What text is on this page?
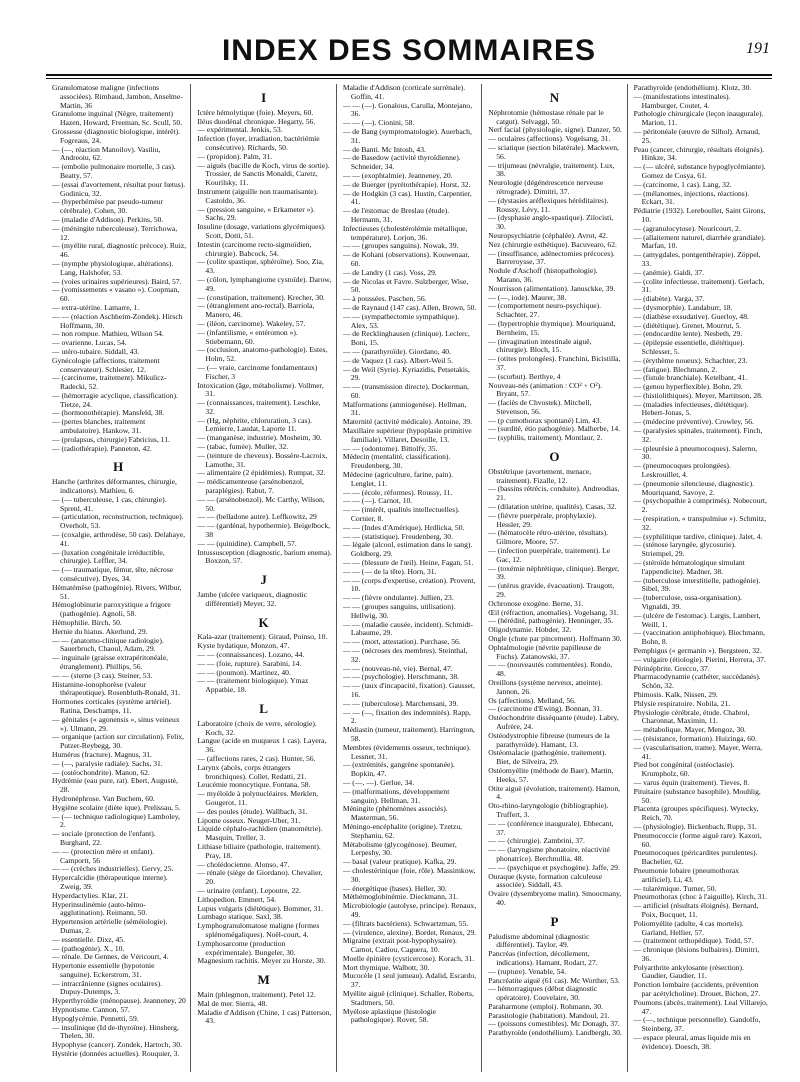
INDEX DES SOMMAIRES	191

Granulomatose maligne (infections associées). Rimbaud, Jambon, Anselme-Martin, 36

Granulome inguinal (Nègre, traitement) Hazen, Howard, Freeman, Sc. Scull, 50.

Grossesse (diagnostic biologique, intérêt). Fogreaus, 24.

— (—, réaction Manoilov). Vasiliu, Andreoiu, 62.

— (embolie pulmonaire mortelle, 3 cas). Beatty, 57.

— (essai d'avortement, résultat pour fœtus). Godinicu, 32.

— (hyperhémèse par pseudo-tumeur cérébrale). Cohen, 30.

— (maladie d'Addison). Perkins, 50.

— (méningite tuberculeuse). Terrichowa, 12.

— (myélite rural, diagnostic précoce). Ruiz, 46.

— (nymphe physiologique, altérations). Lang, Halshofer, 53.

— (voies urinaires supérieures). Baird, 57.

— (vomissements « vasano »). Coopman, 60.

— extra-utérine. Lamarre, 1.

— — (réaction Aschheim-Zondek). Hirsch Hoffmann, 30.

— non rompue. Mathieu, Wilson 54.

— ovarienne. Lucas, 54.

— utéro-tubaire. Siddall, 43.

Gynécologie (affections, traitement conservateur). Schlesier, 12.

— (carcinome, traitement). Mikulicz-Radecki, 52.

— (hémorragie acyclique, classification). Tietze, 24.

— (hormonothérapie). Mansfeld, 38.

— (pertes blanches, traitement ambulatoire). Hankow, 31.

— (prolapsus, chirurgie) Fabricius, 11.

— (radiothérapie). Panneton, 42.

H

Hanche (arthrites déformantes, chirurgie, indications). Mathieu, 6.

— (— tuberculeuse, 1 cas, chirurgie). Sprenl, 41.

— (articulation, reconstruction, technique). Overholt, 53.

— (coxalgie, arthrodèse, 50 cas). Delahaye, 41.

— (luxation congénitale irréductible, chirurgie). Leffler, 34.

— (— traumatique, fémur, tête, nécrose consécutive). Dyes, 34.

Hématémèse (pathogénie). Rivers, Wilbur, 51.

Hémoglobinurie paroxystique a frigore (pathogénie). Agnoli, 58.

Hémophilie. Birch, 50.

Hernie du hiatus. Akerlund, 29.

— — (anatomo-clinique radiologie). Sauerbruch, Chaoul, Adam, 29.

— inguinale (graisse extrapéritonéale, étranglement). Phillips, 56.

— — (sterne (3 cas). Steiner, 53.

Histamine-ionophorèse (valeur thérapeutique). Rosenbluth-Ronald, 31.

Hormones corticales (système artériel). Ratina, Deschamps, 11.

— génitales (« agonensis », sinus veineux »). Ulmann, 29.

— organique (action sur circulation). Felix, Putzer-Reybegg, 30.

Humérus (fracture). Magnus, 31.

— (—, paralysie radiale). Sachs, 31.

— (ostéochondrite). Manon, 62.

Hydrémie (eau pure, rat). Ebert, Augustè, 28.

Hydronéphrose. Van Buchem, 60.

Hygiène scolaire (diète ique). Prelissau, 5.

— (— technique radiologique) Lamboley, 2.

— sociale (protection de l'enfant). Burghard, 22.

— — (protection mère et enfant). Camportt, 56

— — (crèches industrielles). Gervy, 25.

Hypercalcidie (thérapeutique interne). Zweig, 39.

Hyperdactylies. Klar, 21.

Hyperinsulinémie (auto-hémo-agglutination). Reimann, 50.

Hypertension artérielle (séméiologie). Dumas, 2.

— essentielle. Dixz, 45.

— (pathogénie). X., 10.

— rénale. De Gennes, de Véricourt, 4.

Hypertonie essentielle (hypotonie sanguine). Eckerstrom, 31.

— intracrânienne (signes oculaires). Dupuy-Dutemps, 3.

Hyperthyroïdie (ménopause). Jeanneney, 20

Hypnotisme. Cannon, 57.

Hypoglycémie. Pennetti, 59.

— insulinique (Id de-thyroïne). Hinsberg, Thelen, 30.

Hypophyse (cancer). Zondek, Hartoch, 30.

Hystérie (données actuelles). Rouquier, 3.

I

Ictère hémolytique (foie). Meyers, 60.

Iléus duodénal chronique. Hegarty, 56.

— expérimental. Jenkis, 53.

Infection (foyer, irradiation, bactériémie consécutive). Richards, 50.

— (propidon). Palm, 31.

— aiguës (bacille de Koch, virus de sortie). Trossier, de Sanctis Monaldi, Caretz, Kourilsky, 11.

Instrument (aiguille non traumatisante). Castoldo, 36.

— (pression sanguine, « Erkameter »). Sachs, 29.

Insuline (dosage, variations glycémiques). Scott, Dotti, 51.

Intestin (carcinome recto-sigmoïdien, chirurgie). Babcock, 54.

— (colite spastique, sphéroïne). Soo, Zia, 43.

— (côlon, lymphangiome cystoïde). Darow, 49.

— (constipation, traitement). Krecher, 30.

— (étranglement ano-rectal). Barriola, Manero, 46.

— (iléon, carcinome). Wakeley, 57.

— (infantilisme, « entéromon »). Stiebemann, 60.

— (occlusion, anatomo-pathologie). Estes, Holm, 52.

— (— vraie, carcinome fondamentaux) Fischer, 3

Intoxication (âge, métabolisme). Vollmer, 31.

— (connaissances, traitement). Leschke, 32.

— (Hg, néphrite, chloruration, 3 cas). Lemierre, Laudat, Laporte 11.

— (manganèse, industrie). Mosheim, 30.

— (tabac, fumée). Muller, 32.

— (teinture de cheveux). Bossère-Lacroix, Lamothe, 31.

— alimentaire (2 épidémies). Rumpat, 32.

— médicamenteuse (arsénobenzol, paraplégies). Rabut, 7.

— — (arsénobenzol). Mc Carthy, Wilson, 50.

— — (belladone autre). Leffkowitz, 29

— — (gardénal, hypothermie). Beigelbock, 38

— — (quinidine). Campbell, 57.

Intussusception (diagnostic, barium enema). Boxzon, 57.

J

Jambe (ulcère variqueux, diagnostic différentiel) Meyer, 32.

K

Kala-azar (traitement). Giraud, Poinso, 10.

Kyste hydatique, Monzon, 47.

— — (connaissances). Lozano, 44.

— — (foie, rupture). Sarabini, 14.

— — (poumon). Martinez, 40.

— — (traitement biologique). Ymaz Appathie, 18.

L

Laboratoire (choix de verre, sérologie). Koch, 32.

Langue (acide en muqueux 1 cas). Layera, 36.

— (affections rares, 2 cas). Hunter, 56.

Larynx (abcès, corps étrangers bronchiques). Collet, Redatti, 21.

Leucémie monocytique. Fontana, 58.

— myéloïde à polynucléaires. Merklen, Gougerot, 11.

— des poules (étude). Wallbach, 31.

Lipome osseux. Neuger-Uber, 31.

Liquide céphalo-rachidien (manométrie). Masquin, Treller, 3.

Lithiase biliaire (pathologie, traitement). Pray, 18.

— cholédocienne. Alonso, 47.

— rénale (siège de Giordano). Chevalier, 20.

— urinaire (enfant). Lepoutre, 22.

Lithopedion. Emmert, 54.

Lupus vulgaris (diététique). Bommer, 31.

Lumbago statique. Saxl, 38.

Lymphogranulomatose maligne (formes splénomégaliques). Noël-court, 4.

Lymphosarcome (production expérimentale). Bungeler, 30.

Magnesium rachitis. Meyer zu Horste, 30.

M

Main (phlegmon, traitement). Petel 12.

Mal de mer. Sierra, 48.

Maladie d'Addison (Chine, 1 cas) Patterson, 43.

Maladie d'Addison (corticale surrénale). Goffin, 41.

— — (—). Gonalous, Carulla, Montejano, 36.

— — (—). Cionini, 58.

— de Bang (symptomatologie). Auerbach, 31.

— de Banti. Mc Intosh, 43.

— de Basedow (activité thyroïdienne). Schneider, 34.

— — (exophtalmie). Jeanneney, 20.

— de Buerger (pyrétothérapie). Horst, 32.

— de Hodgkin (3 cas). Hustin, Carpentier, 41.

— de l'estomac de Breslau (étude). Hermann, 31.

Infectieuses (cholestérolémie métallique, température). Lorjon, 36.

— — (groupes sanguins). Nowak, 39.

— de Kohani (observations). Kouwenaar, 60.

— de Landry (1 cas). Voss, 29.

— de Nicolas et Favre. Sulzberger, Wise, 50.

— à poussées. Paschen, 56.

— de Raynaud (147 cas). Allen, Brown, 50.

— — (sympathectomie sympathique). Alex, 53.

— de Recklinghausen (clinique). Leclerc, Boni, 15.

— — (parathyroïde). Giordano, 40.

— de Vaquez (1 cas). Albert-Weil 5.

— de Weil (Syrie). Kyriazidis, Petsetakis, 29.

— — (transmission directe). Dockerman, 60.

Malformations (amniogenèse). Hellman, 31.

Maternité (activité médicale). Antoine, 39.

Maxillaire supérieur (hypoplasie primitive familiale). Villaret, Desoille, 13.

— — (odontome). Bittolfy, 35.

Médecin (mentalité, classification). Freudenberg, 30.

Médecine (agriculture, farine, pain). Lenglet, 11.

— — (école, réformes). Roussy, 11.

— — (—). Carnot, 10.

— — (intérêt, qualités intellectuelles). Cornier, 8.

— — (Indes d'Amérique). Hrdlicka, 50.

— — (statistique). Freudenberg, 30.

— légale (alcool, estimation dans le sang). Goldberg, 29.

— — (blessure de l'œil). Heine, Fagan, 51.

— — (— de la tête). Horn, 31.

— — (corps d'expertise, création). Provent, 10.

— — (fièvre ondulante). Jullien, 23.

— — (groupes sanguins, utilisation). Hellwig, 30.

— — (maladie causée, incident). Schmidt-Labaume, 29.

— — (mort, attestation). Purchase, 56.

— — (nécroses des membres). Steinthal, 32.

— — (nouveau-né, vie). Bernal, 47.

— — (psychologie). Herschmann, 38.

— — (taux d'incapacité, fixation). Gausset, 16.

— — (tuberculose). Marchensani, 39.

— — (—, fixation des indemnités). Rapp, 2.

Médiastin (tumeur, traitement). Harrington, 58.

Membres (évidements osseux, technique). Lessner, 31.

— (extrémités, gangrène spontanée). Bopkin, 47.

— (—, —). Gerlue, 34.

— (malformations, développement sanguin). Hellman, 31.

Méningite (phénomènes associés). Masterman, 56.

Méningo-encéphalite (origine). Tzetzu, Stephaniu, 62.

Métabolisme (glycogénose). Beumer, Lerpeshy, 30.

— basal (valeur pratique). Kafka, 29.

— cholestérinique (foie, rôle). Massimkow, 30.

— énergétique (bases). Heller, 30.

Méthémoglobinémie. Dieckmann, 31.

Microbiologie (autolyse, principe). Renaux, 49.

— (filtrats bactériens). Schwartzman, 55.

— (virulence, alexine). Bordet, Renaux, 29.

Migraine (extrait post-hypophysaire). Carnot, Cadiou, Caguera, 10.

Moelle épinière (cysticercose). Korach, 31.

Mort thymique. Walbott, 30.

Mucocèle (1 seul jumeau). Adalid, Escardo, 37.

Myélite aiguë (clinique). Schaller, Roberts, Stadtmers, 50.

Myélose aplastique (histologie pathologique). Rover, 58.

N

Néphrotomie (hémostase rénale par le catgut). Selvaggi, 50.

Nerf facial (physiologie, signe). Danzer, 50.

— oculaires (affections). Vogelsang, 31.

— sciatique (section bilatérale). Mackwen, 56.

— trijumeau (névralgie, traitement). Lux, 38.

Neurologie (dégénérescence nerveuse rétrograde). Dimitri, 37.

— (dystasies aréflexiques héréditaires). Roussy, Lévy, 11.

— (dysphasie anglo-spastique). Zilocisti, 30.

Neuropsychiatrie (céphalée). Avrot, 42.

Nez (chirurgie esthétique). Bacuvearo, 62.

— (insuffisance, adénectomies précoces). Barreroysse, 37.

Nodule d'Aschoff (histopathologie). Marano, 36.

Nourrisson (alimentation). Janusckke, 39.

— (—, iode). Maurer, 38.

— (comportement neuro-psychique). Schachter, 27.

— (hypertrophie thymique). Mouriquand, Bernheim, 15.

— (invagination intestinale aiguë, chirurgie). Bloch, 15.

— (otites prolongées). Franchini, Bicistilla, 37.

— (scorbut). Berthye, 4

Nouveau-nés (animation : CO² + O²). Bryant, 57.

— (faciès de Chvostek). Mitchell, Stevenson, 56.

— (p cumothorax spontané) Lim, 43.

— (surdité, étio pathogénie). Malherbe, 14.

— (syphilis, traitement). Montlaur, 2.

O

Obstétrique (avortement, menace, traitement). Fizalle, 12.

— (bassins rétrécis, conduite). Andreodias, 21.

— (dilatation utérine, qualités). Casas, 32.

— (fièvre puerpérale, prophylaxie). Hessler, 29.

— (hématocèle rétro-utérine, résultats). Gilmore, Moore, 57.

— (infection puerpérale, traitement). Le Gac, 12.

— (toxémie néphrétique, clinique). Berger, 39.

— (utérus gravide, évacuation). Traugott, 29.

Ochronose exogène. Berne, 31.

Œil (réfraction, anomalies). Vogelsang, 31.

— (hérédité, pathogénie). Henninger, 35.

Oligodynamie. Hobder, 32.

Ongle (chute par pincement). Hoffmann 30.

Ophtalmologie (névrite papilleuse de Fuchs). Zatanowski, 37.

— — (nouveautés commentées). Rondo, 48.

Oreillons (système nerveux, atteinte). Jannon, 26.

Os (affections). Melland, 56.

— (carcinome d'Ewing). Bonnan, 31.

Ostéochondrite disséquante (étude). Labry, Aufrère, 24.

Ostéodystrophie fibreuse (tumeurs de la parathyroïde). Hamant, 13.

Ostéomalacie (pathogénie, traitement). Biet, de Silveira, 29.

Ostéomyélite (méthode de Baer). Martin, Heeks, 57.

Otite aiguë (évolution, traitement). Hamon, 4.

Oto-rhino-laryngologie (bibliographie). Truffert, 3.

— — (conférence inaugurale). Ebbecant, 37.

— — (chirurgie). Zambrini, 37.

— — (laryngisme phonatoire, réactivité phonatrice). Berchnullia, 48.

— — (psychique et psychogène). Jaffe, 29.

Ouraque (kyste, formation calculeuse associée). Siddall, 43.

Ovaire (dysembryome malin). Smoocmany, 40.

P

Paludisme abdominal (diagnostic différentiel). Taylor, 49.

Pancréas (infection, décollement, indications). Hamant, Rodart, 27.

— (rupture). Venable, 54.

Pancréatite aiguë (61 cas). Mc Worther, 53.

— hémorragiques (début diagnostic opératoire). Couvelaire, 30.

Paraharmone (emploi). Rohmann, 30.

Parasitologie (habitation). Mandoul, 21.

— (poissons comestibles). Mc Donagh, 37.

Parathyroïde (endothélium). Landbergh, 30.

Parathyroïde (endothélium). Klotz, 30.

— (manifestations intestinales). Hamburger, Coutet, 4.

Pathologie chirurgicale (leçon inaugurale). Marion, 11.

— péritonéale (œuvre de Silhol). Arnaud, 25.

Peau (cancer, chirurgie, résultats éloignés). Hinkze, 34.

— (— ulcéré, substance hypoglycémiante). Gomez de Cosya, 61.

— (carcinome, 1 cas). Lang, 32.

— (mélanomes, injections, réactions). Eckart, 31.

Pédiatrie (1932). Lereboullet, Saint Girons, 10.

— (agranulocytose). Nouricourt, 2.

— (allaitement naturel, diarrhée grandiale). Marfan, 10.

— (amygdales, pontgenthérapie). Zöppel, 33.

— (anémie). Galdi, 37.

— (colite infectieuse, traitement). Gerlach, 31.

— (diabète). Varga, 37.

— (dysmorphie). Landaburr, 18.

— (diathèse exsudative). Guerloy, 48.

— (diététique). Grenet, Mourrut, 5.

— (endocardite lente). Nesbeth, 29.

— (épilepsie essentielle, diététique). Schlesser, 5.

— (érythème noueux). Schachter, 23.

— (fatigue). Blechmann, 2.

— (fistule branchiale). Ketelbant, 41.

— (genou hyperflexible). Bohn, 29.

— (histiolithiques). Meyer, Martinson, 28.

— (maladies infectieuses, diététique). Hebert-Jonas, 5.

— (médecine préventive). Crowley, 56.

— (paralysies spinales, traitement). Finch, 32.

— (pleurésie à pneumocoques). Salerno, 30.

— (pneumocoques prolongées). Leskrouillet, 4.

— (pneumonie silencieuse, diagnostic). Mouriquand, Savoye, 2.

— (psychopathie à comprimés). Nobecourt, 2.

— (respiration, « transpulmiue »). Schmitz, 32.

— (syphilitique tardive, clinique). Jalet, 4.

— (sténose laryngée, glycosurie). Striempel, 29.

— (stéroïde hématologique simulant l'appendicite). Madner, 38.

— (tuberculose interstitielle, pathogénie). Sibel, 39.

— (tuberculose, ossa-organisation). Vignaldi, 39.

— (ulcère de l'estomac). Largis, Lambert, Weill, 1.

— (vaccination antiphobique). Biechmann, Bohn, 8.

Pemphigus (« germanin »). Bergsteen, 32.

— vulgaire (étiologie). Pierini, Herrera, 37.

Périnéphrite. Grecco, 37.

Pharmacodynamie (cathéter, succédanés). Schön, 32.

Phimosis. Kalk, Nissen, 29.

Phlysie respiratoire. Nobila, 21.

Physiologie cérébrale, étude. Chabrol, Charonnat, Maximin, 11.

— métabolique. Mayer, Mengoz, 30.

— (résistance, formation). Huizinga, 60.

— (vascularisation, trame). Mayer, Werra, 41.

Pied bot congénital (ostéoclasie). Krumpholz, 60.

— varus équin (traitement). Tieves, 8.

Pituitaire (substance basophile). Mouhlig, 50.

Placenta (groupes spécifiques). Wytecky, Reich, 70.

— (physiologie). Bickenbach, Rupp, 31.

Pneumococcie (forme aiguë rare). Kaxori, 60.

Pneumocoques (péricardites purulentes). Bachelier, 62.

Pneumonie lobaire (pneumothorax artificiel). Li, 43.

— tularémique. Turner, 50.

Pneumothorax (choc à l'aiguille). Kirch, 31.

— artificiel (résultats éloignés). Bernard, Poix, Bocquet, 11.

Poliomyélite (adulte, 4 cas mortels). Garland, Hellier, 57.

— (traitement orthopédique). Todd, 57.

— chronique (lésions bulbaires). Dimitri, 36.

Polyarthrite ankylosante (résection). Gaudier, Gaudier, 11.

Ponction lombaire (accidents, prévention par acétylcholine). Drouet, Bichon, 27.

Poumons (abcès, traitement). Leal Villarejo, 47.

— (—, technique personnelle). Gandolfo, Steinberg, 37.

— espace pleural, amas liquide mis en évidence). Doesch, 38.
